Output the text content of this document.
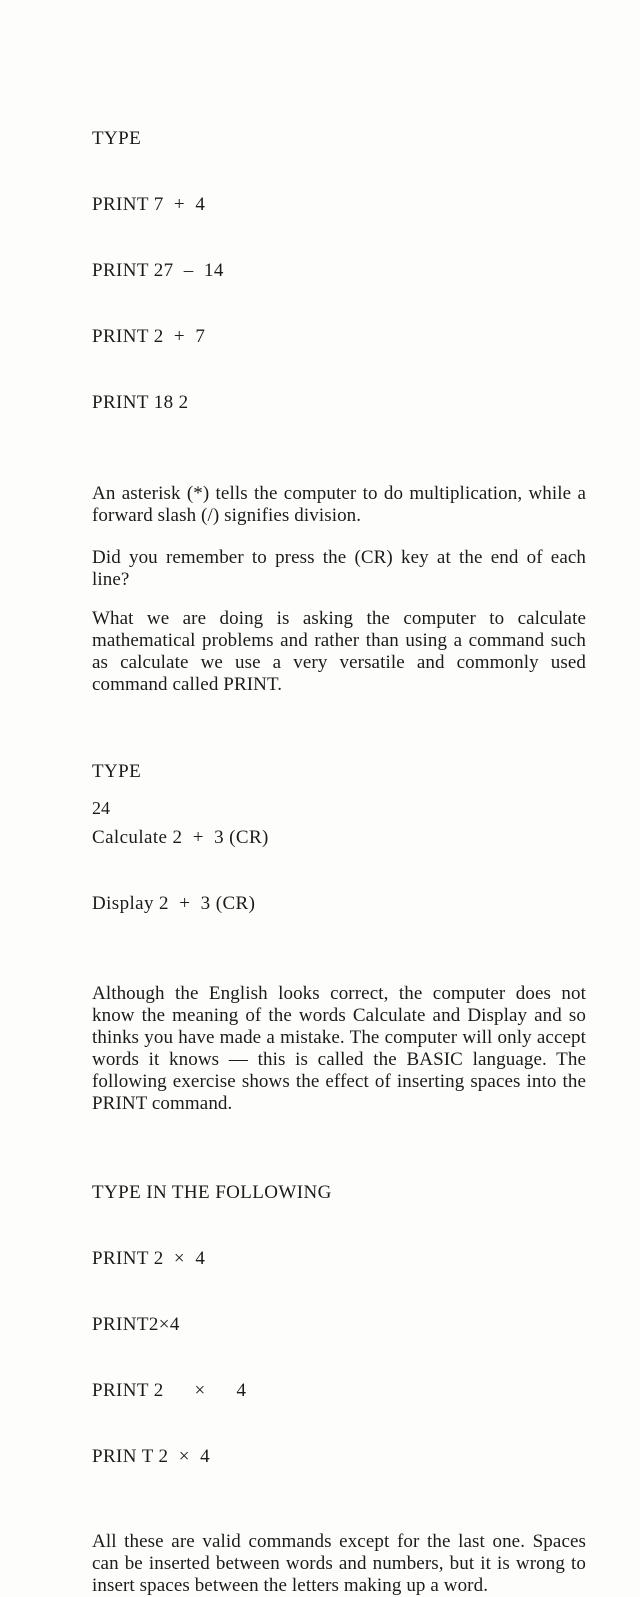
TYPE

PRINT 7  +  4

PRINT 27  –  14

PRINT 2  +  7

PRINT 18 2

An asterisk (*) tells the computer to do multiplication, while a forward slash (/) signifies division.

Did you remember to press the (CR) key at the end of each line?

What we are doing is asking the computer to calculate mathematical problems and rather than using a command such as calculate we use a very versatile and commonly used command called PRINT.

TYPE

Calculate 2  +  3 (CR)

Display 2  +  3 (CR)

Although the English looks correct, the computer does not know the meaning of the words Calculate and Display and so thinks you have made a mistake. The computer will only accept words it knows — this is called the BASIC language. The following exercise shows the effect of inserting spaces into the PRINT command.

TYPE IN THE FOLLOWING

PRINT 2  ×  4

PRINT2×4

PRINT 2      ×      4

PRIN T 2  ×  4

All these are valid commands except for the last one. Spaces can be inserted between words and numbers, but it is wrong to insert spaces between the letters making up a word.

24
